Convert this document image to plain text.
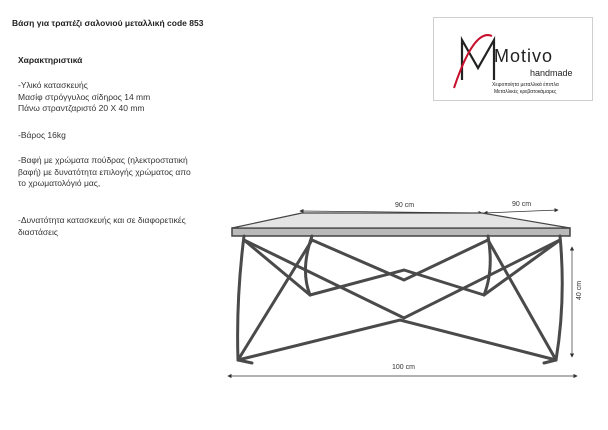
Βάση για τραπέζι σαλονιού μεταλλική code 853
Χαρακτηριστικά
-Υλικό κατασκευής
Μασίφ στρόγγυλος σίδηρος 14 mm
Πάνω στραντζαριστό 20 Χ 40 mm
-Βάρος 16kg
-Βαφή με χρώματα πούδρας (ηλεκτροστατική
βαφή) με δυνατότητα επιλογής χρώματος απο
το χρωματολόγιό μας,
-Δυνατότητα κατασκευής και σε διαφορετικές
διαστάσεις
Motivo
handmade
Χειροποίητα μεταλλικά έπιπλα
Μεταλλικές κρεβατοκάμαρες
90 cm	90 cm
40 cm
100 cm
